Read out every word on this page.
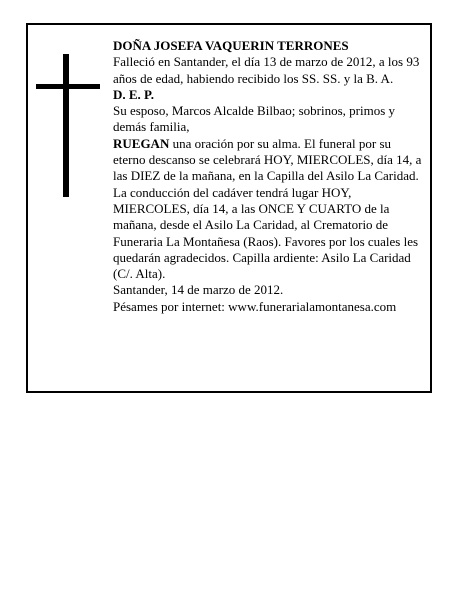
DOÑA JOSEFA VAQUERIN TERRONES

Falleció en Santander, el día 13 de marzo de 2012, a los 93 años de edad, habiendo recibido los SS. SS. y la B. A.

D. E. P.

Su esposo, Marcos Alcalde Bilbao; sobrinos, primos y demás familia,

RUEGAN una oración por su alma. El funeral por su eterno descanso se celebrará HOY, MIERCOLES, día 14, a las DIEZ de la mañana, en la Capilla del Asilo La Caridad. La conducción del cadáver tendrá lugar HOY, MIERCOLES, día 14, a las ONCE Y CUARTO de la mañana, desde el Asilo La Caridad, al Crematorio de Funeraria La Montañesa (Raos). Favores por los cuales les quedarán agradecidos. Capilla ardiente: Asilo La Caridad (C/. Alta).

Santander, 14 de marzo de 2012.

Pésames por internet: www.funerarialamontanesa.com
